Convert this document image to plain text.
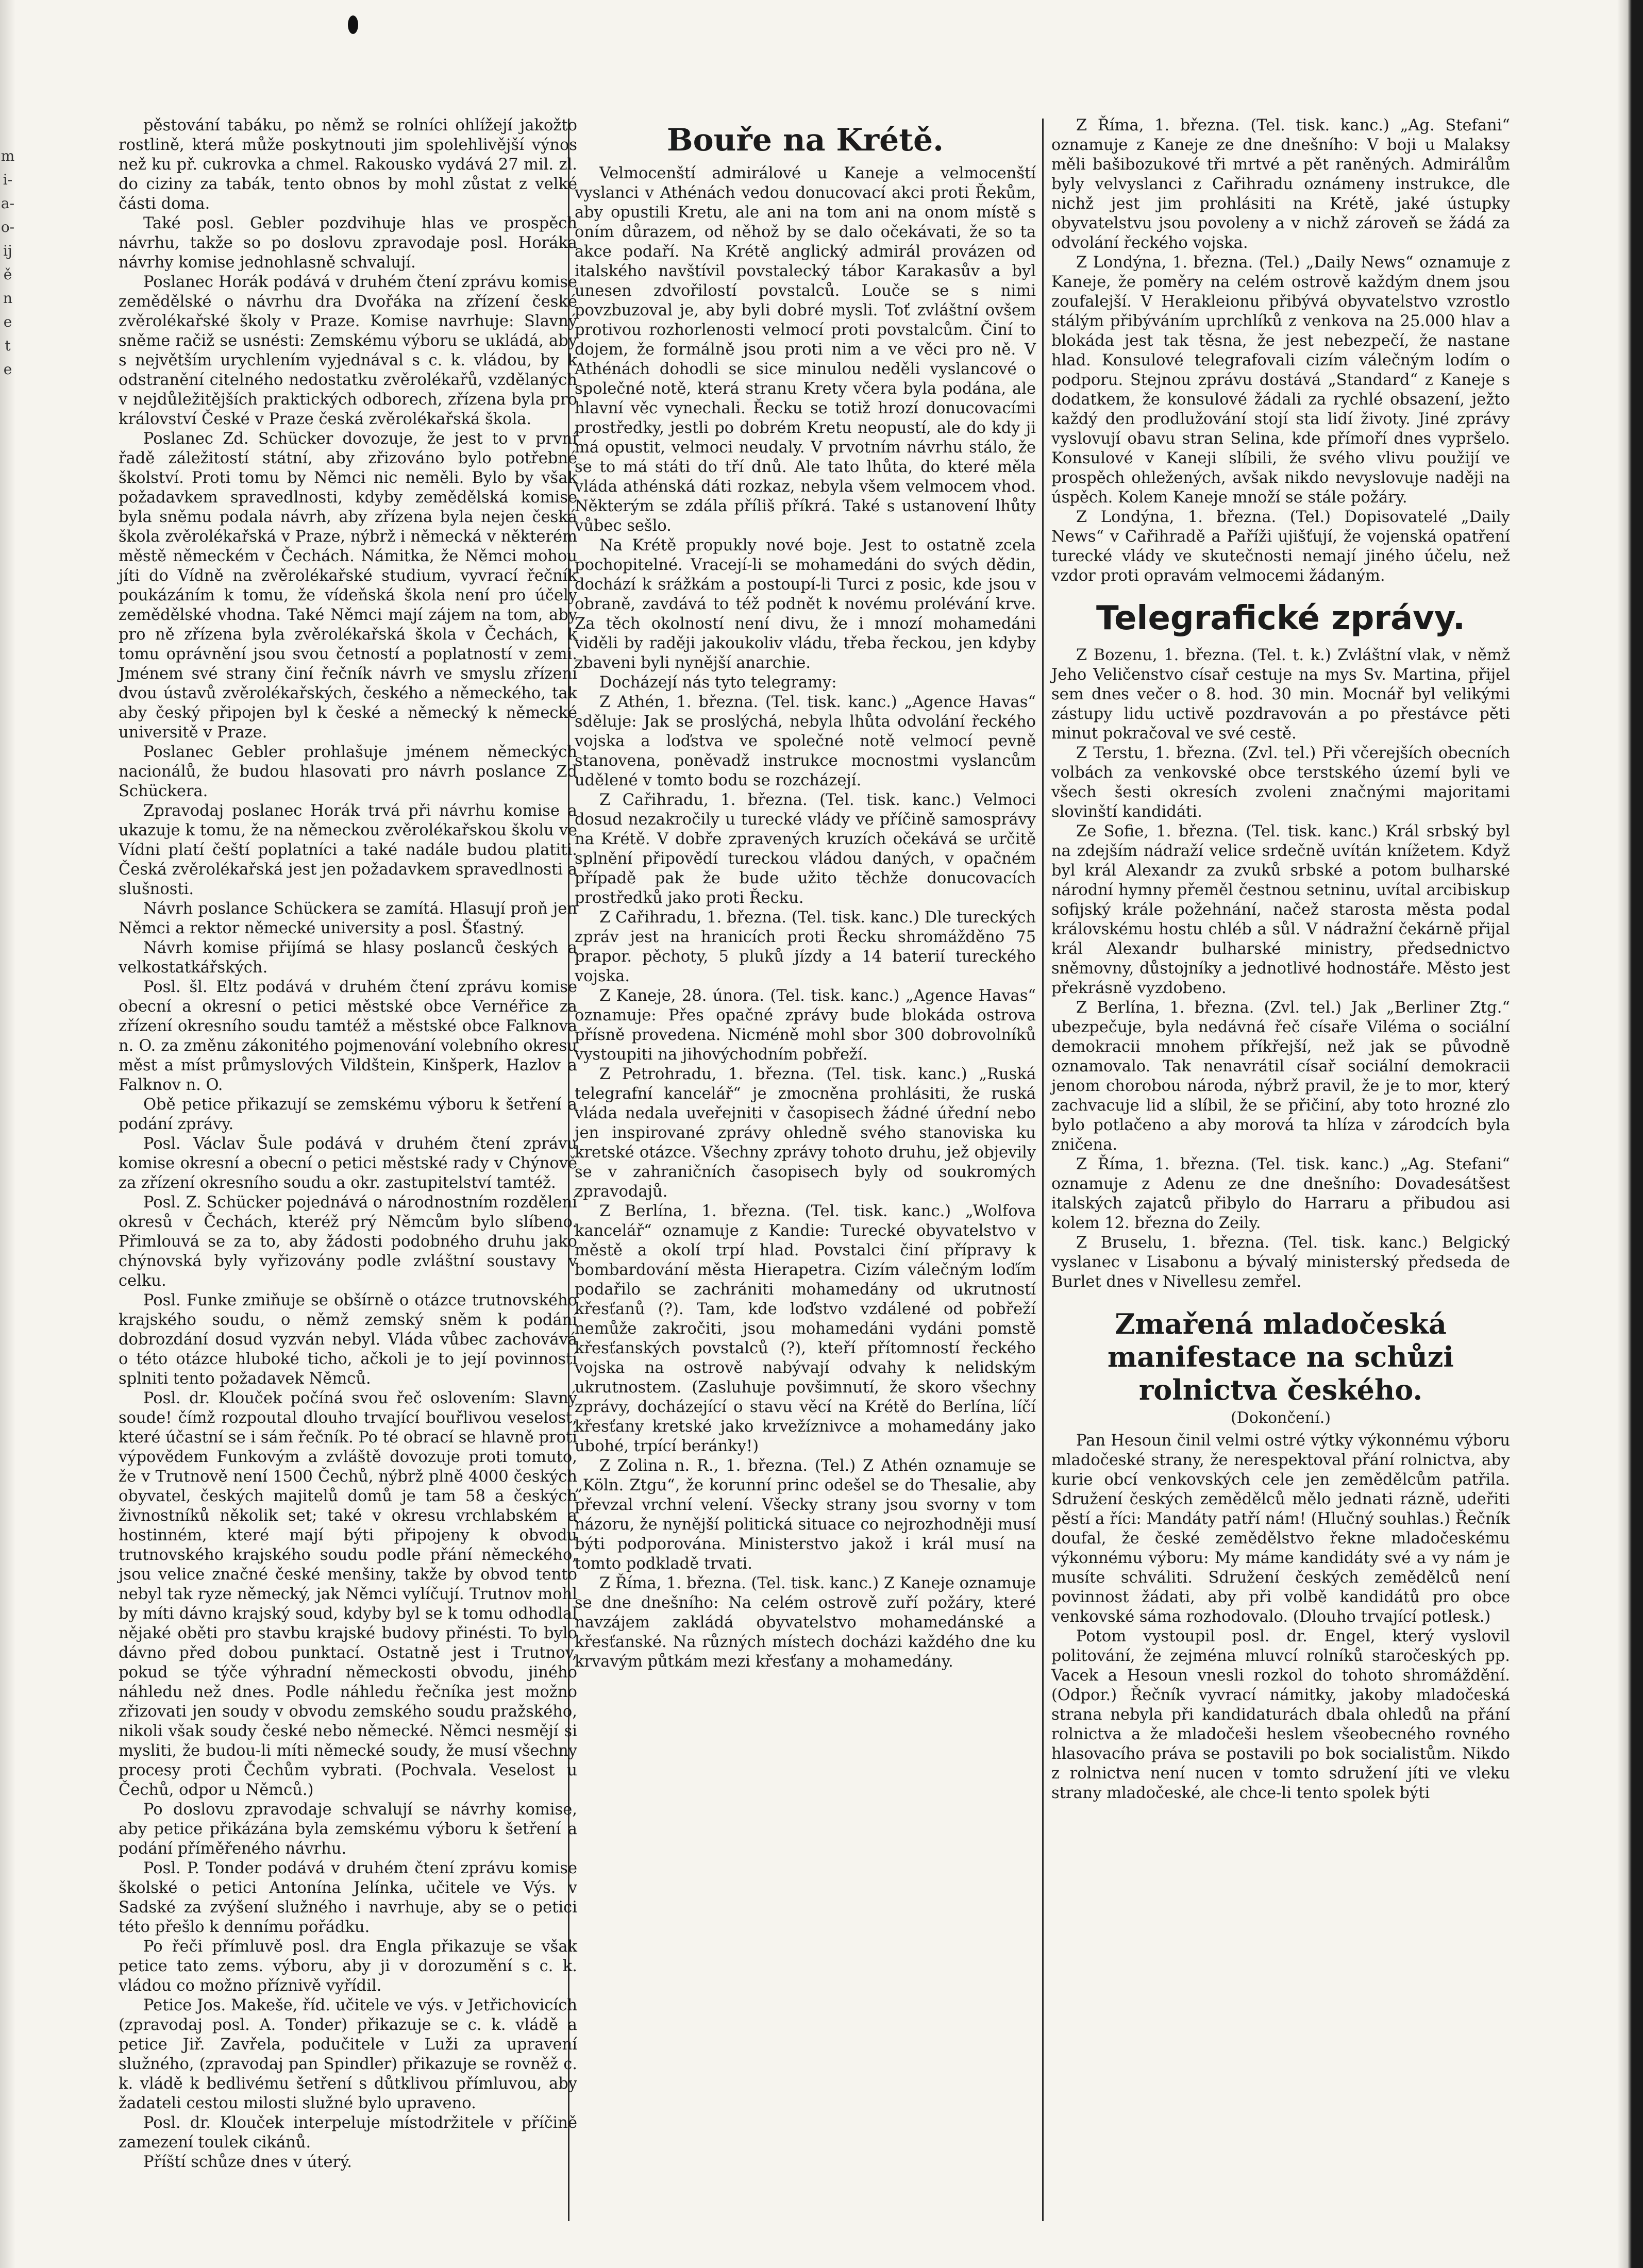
m
i-
a-
o-
ij
ě
n
e
t
e

pěstování tabáku, po němž se rolníci ohlížejí jakožto rostlině, která může poskytnouti jim spolehlivější výnos než ku př. cukrovka a chmel. Rakousko vydává 27 mil. zl. do ciziny za tabák, tento obnos by mohl zůstat z velké části doma.

Také posl. Gebler pozdvihuje hlas ve prospěch návrhu, takže so po doslovu zpravodaje posl. Horáka návrhy komise jednohlasně schvalují.

Poslanec Horák podává v druhém čtení zprávu komise zemědělské o návrhu dra Dvořáka na zřízení české zvěrolékařské školy v Praze. Komise navrhuje: Slavný sněme račiž se usnésti: Zemskému výboru se ukládá, aby s největším urychlením vyjednával s c. k. vládou, by k odstranění citelného nedostatku zvěrolékařů, vzdělaných v nejdůležitějších praktických odborech, zřízena byla pro království České v Praze česká zvěrolékařská škola.

Poslanec Zd. Schücker dovozuje, že jest to v první řadě záležitostí státní, aby zřizováno bylo potřebné školství. Proti tomu by Němci nic neměli. Bylo by však požadavkem spravedlnosti, kdyby zemědělská komise byla sněmu podala návrh, aby zřízena byla nejen česká škola zvěrolékařská v Praze, nýbrž i německá v některém městě německém v Čechách. Námitka, že Němci mohou jíti do Vídně na zvěrolékařské studium, vyvrací řečník poukázáním k tomu, že vídeňská škola není pro účely zemědělské vhodna. Také Němci mají zájem na tom, aby pro ně zřízena byla zvěrolékařská škola v Čechách, k tomu oprávnění jsou svou četností a poplatností v zemi. Jménem své strany činí řečník návrh ve smyslu zřízení dvou ústavů zvěrolékařských, českého a německého, tak aby český připojen byl k české a německý k německé universitě v Praze.

Poslanec Gebler prohlašuje jménem německých nacionálů, že budou hlasovati pro návrh poslance Zd Schückera.

Zpravodaj poslanec Horák trvá při návrhu komise a ukazuje k tomu, že na německou zvěrolékařskou školu ve Vídni platí čeští poplatníci a také nadále budou platiti. Česká zvěrolékařská jest jen požadavkem spravedlnosti a slušnosti.

Návrh poslance Schückera se zamítá. Hlasují proň jen Němci a rektor německé university a posl. Šťastný.

Návrh komise přijímá se hlasy poslanců českých a velkostatkářských.

Posl. šl. Eltz podává v druhém čtení zprávu komise obecní a okresní o petici městské obce Vernéřice za zřízení okresního soudu tamtéž a městské obce Falknova n. O. za změnu zákonitého pojmenování volebního okresu měst a míst průmyslových Vildštein, Kinšperk, Hazlov a Falknov n. O.

Obě petice přikazují se zemskému výboru k šetření a podání zprávy.

Posl. Václav Šule podává v druhém čtení zprávu komise okresní a obecní o petici městské rady v Chýnově za zřízení okresního soudu a okr. zastupitelství tamtéž.

Posl. Z. Schücker pojednává o národnostním rozdělení okresů v Čechách, kteréž prý Němcům bylo slíbeno. Přimlouvá se za to, aby žádosti podobného druhu jako chýnovská byly vyřizovány podle zvláštní soustavy v celku.

Posl. Funke zmiňuje se obšírně o otázce trutnovského krajského soudu, o němž zemský sněm k podání dobrozdání dosud vyzván nebyl. Vláda vůbec zachovává o této otázce hluboké ticho, ačkoli je to její povinností splniti tento požadavek Němců.

Posl. dr. Klouček počíná svou řeč oslovením: Slavný soude! čímž rozpoutal dlouho trvající bouřlivou veselost, které účastní se i sám řečník. Po té obrací se hlavně proti výpovědem Funkovým a zvláště dovozuje proti tomuto, že v Trutnově není 1500 Čechů, nýbrž plně 4000 českých obyvatel, českých majitelů domů je tam 58 a českých živnostníků několik set; také v okresu vrchlabském a hostinném, které mají býti připojeny k obvodu trutnovského krajského soudu podle přání německého, jsou velice značné české menšiny, takže by obvod tento nebyl tak ryze německý, jak Němci vylíčují. Trutnov mohl by míti dávno krajský soud, kdyby byl se k tomu odhodlal nějaké oběti pro stavbu krajské budovy přinésti. To bylo dávno před dobou punktací. Ostatně jest i Trutnov, pokud se týče výhradní německosti obvodu, jiného náhledu než dnes. Podle náhledu řečníka jest možno zřizovati jen soudy v obvodu zemského soudu pražského, nikoli však soudy české nebo německé. Němci nesmějí si mysliti, že budou-li míti německé soudy, že musí všechny procesy proti Čechům vybrati. (Pochvala. Veselost u Čechů, odpor u Němců.)

Po doslovu zpravodaje schvalují se návrhy komise, aby petice přikázána byla zemskému výboru k šetření a podání příměřeného návrhu.

Posl. P. Tonder podává v druhém čtení zprávu komise školské o petici Antonína Jelínka, učitele ve Výs. v Sadské za zvýšení služného i navrhuje, aby se o petici této přešlo k dennímu pořádku.

Po řeči přímluvě posl. dra Engla přikazuje se však petice tato zems. výboru, aby ji v dorozumění s c. k. vládou co možno příznivě vyřídil.

Petice Jos. Makeše, říd. učitele ve výs. v Jetřichovicích (zpravodaj posl. A. Tonder) přikazuje se c. k. vládě a petice Jiř. Zavřela, podučitele v Luži za upravení služného, (zpravodaj pan Spindler) přikazuje se rovněž c. k. vládě k bedlivému šetření s důtklivou přímluvou, aby žadateli cestou milosti služné bylo upraveno.

Posl. dr. Klouček interpeluje místodržitele v příčině zamezení toulek cikánů.

Příští schůze dnes v úterý.

Bouře na Krétě.

Velmocenští admirálové u Kaneje a velmocenští vyslanci v Athénách vedou donucovací akci proti Řekům, aby opustili Kretu, ale ani na tom ani na onom místě s oním důrazem, od něhož by se dalo očekávati, že so ta akce podaří. Na Krétě anglický admirál provázen od italského navštívil povstalecký tábor Karakasův a byl unesen zdvořilostí povstalců. Louče se s nimi povzbuzoval je, aby byli dobré mysli. Toť zvláštní ovšem protivou rozhorlenosti velmocí proti povstalcům. Činí to dojem, že formálně jsou proti nim a ve věci pro ně. V Athénách dohodli se sice minulou neděli vyslancové o společné notě, která stranu Krety včera byla podána, ale hlavní věc vynechali. Řecku se totiž hrozí donucovacími prostředky, jestli po dobrém Kretu neopustí, ale do kdy ji má opustit, velmoci neudaly. V prvotním návrhu stálo, že se to má státi do tří dnů. Ale tato lhůta, do které měla vláda athénská dáti rozkaz, nebyla všem velmocem vhod. Některým se zdála příliš příkrá. Také s ustanovení lhůty vůbec sešlo.

Na Krétě propukly nové boje. Jest to ostatně zcela pochopitelné. Vracejí-li se mohamedáni do svých dědin, dochází k srážkám a postoupí-li Turci z posic, kde jsou v obraně, zavdává to též podnět k novému prolévání krve. Za těch okolností není divu, že i mnozí mohamedáni viděli by raději jakoukoliv vládu, třeba řeckou, jen kdyby zbaveni byli nynější anarchie.

Docházejí nás tyto telegramy:

Z Athén, 1. března. (Tel. tisk. kanc.) „Agence Havas“ sděluje: Jak se proslýchá, nebyla lhůta odvolání řeckého vojska a loďstva ve společné notě velmocí pevně stanovena, poněvadž instrukce mocnostmi vyslancům udělené v tomto bodu se rozcházejí.

Z Cařihradu, 1. března. (Tel. tisk. kanc.) Velmoci dosud nezakročily u turecké vlády ve příčině samosprávy na Krétě. V dobře zpravených kruzích očekává se určitě splnění připovědí tureckou vládou daných, v opačném případě pak že bude užito těchže donucovacích prostředků jako proti Řecku.

Z Cařihradu, 1. března. (Tel. tisk. kanc.) Dle tureckých zpráv jest na hranicích proti Řecku shromážděno 75 prapor. pěchoty, 5 pluků jízdy a 14 baterií tureckého vojska.

Z Kaneje, 28. února. (Tel. tisk. kanc.) „Agence Havas“ oznamuje: Přes opačné zprávy bude blokáda ostrova přísně provedena. Nicméně mohl sbor 300 dobrovolníků vystoupiti na jihovýchodním pobřeží.

Z Petrohradu, 1. března. (Tel. tisk. kanc.) „Ruská telegrafní kancelář“ je zmocněna prohlásiti, že ruská vláda nedala uveřejniti v časopisech žádné úřední nebo jen inspirované zprávy ohledně svého stanoviska ku kretské otázce. Všechny zprávy tohoto druhu, jež objevily se v zahraničních časopisech byly od soukromých zpravodajů.

Z Berlína, 1. března. (Tel. tisk. kanc.) „Wolfova kancelář“ oznamuje z Kandie: Turecké obyvatelstvo v městě a okolí trpí hlad. Povstalci činí přípravy k bombardování města Hierapetra. Cizím válečným loďím podařilo se zachrániti mohamedány od ukrutností křesťanů (?). Tam, kde loďstvo vzdálené od pobřeží nemůže zakročiti, jsou mohamedáni vydáni pomstě křesťanských povstalců (?), kteří přítomností řeckého vojska na ostrově nabývají odvahy k nelidským ukrutnostem. (Zasluhuje povšimnutí, že skoro všechny zprávy, docházející o stavu věcí na Krétě do Berlína, líčí křesťany kretské jako krvežíznivce a mohamedány jako ubohé, trpící beránky!)

Z Zolina n. R., 1. března. (Tel.) Z Athén oznamuje se „Köln. Ztgu“, že korunní princ odešel se do Thesalie, aby převzal vrchní velení. Všecky strany jsou svorny v tom názoru, že nynější politická situace co nejrozhodněji musí býti podporována. Ministerstvo jakož i král musí na tomto podkladě trvati.

Z Říma, 1. března. (Tel. tisk. kanc.) Z Kaneje oznamuje se dne dnešního: Na celém ostrově zuří požáry, které navzájem zakládá obyvatelstvo mohamedánské a křesťanské. Na různých místech docházi každého dne ku krvavým půtkám mezi křesťany a mohamedány.

Z Říma, 1. března. (Tel. tisk. kanc.) „Ag. Stefani“ oznamuje z Kaneje ze dne dnešního: V boji u Malaksy měli bašibozukové tři mrtvé a pět raněných. Admirálům byly velvyslanci z Cařihradu oznámeny instrukce, dle nichž jest jim prohlásiti na Krétě, jaké ústupky obyvatelstvu jsou povoleny a v nichž zároveň se žádá za odvolání řeckého vojska.

Z Londýna, 1. března. (Tel.) „Daily News“ oznamuje z Kaneje, že poměry na celém ostrově každým dnem jsou zoufalejší. V Herakleionu přibývá obyvatelstvo vzrostlo stálým přibýváním uprchlíků z venkova na 25.000 hlav a blokáda jest tak těsna, že jest nebezpečí, že nastane hlad. Konsulové telegrafovali cizím válečným lodím o podporu. Stejnou zprávu dostává „Standard“ z Kaneje s dodatkem, že konsulové žádali za rychlé obsazení, ježto každý den prodlužování stojí sta lidí životy. Jiné zprávy vyslovují obavu stran Selina, kde přímoří dnes vypršelo. Konsulové v Kaneji slíbili, že svého vlivu použijí ve prospěch ohležených, avšak nikdo nevyslovuje naději na úspěch. Kolem Kaneje množí se stále požáry.

Z Londýna, 1. března. (Tel.) Dopisovatelé „Daily News“ v Cařihradě a Paříži ujišťují, že vojenská opatření turecké vlády ve skutečnosti nemají jiného účelu, než vzdor proti opravám velmocemi žádaným.

Telegrafické zprávy.

Z Bozenu, 1. března. (Tel. t. k.) Zvláštní vlak, v němž Jeho Veličenstvo císař cestuje na mys Sv. Martina, přijel sem dnes večer o 8. hod. 30 min. Mocnář byl velikými zástupy lidu uctivě pozdravován a po přestávce pěti minut pokračoval ve své cestě.

Z Terstu, 1. března. (Zvl. tel.) Při včerejších obecních volbách za venkovské obce terstského území byli ve všech šesti okresích zvoleni značnými majoritami slovinští kandidáti.

Ze Sofie, 1. března. (Tel. tisk. kanc.) Král srbský byl na zdejším nádraží velice srdečně uvítán knížetem. Když byl král Alexandr za zvuků srbské a potom bulharské národní hymny přeměl čestnou setninu, uvítal arcibiskup sofijský krále požehnání, načež starosta města podal královskému hostu chléb a sůl. V nádražní čekárně přijal král Alexandr bulharské ministry, předsednictvo sněmovny, důstojníky a jednotlivé hodnostáře. Město jest překrásně vyzdobeno.

Z Berlína, 1. března. (Zvl. tel.) Jak „Berliner Ztg.“ ubezpečuje, byla nedávná řeč císaře Viléma o sociální demokracii mnohem příkřejší, než jak se původně oznamovalo. Tak nenavrátil císař sociální demokracii jenom chorobou národa, nýbrž pravil, že je to mor, který zachvacuje lid a slíbil, že se přičiní, aby toto hrozné zlo bylo potlačeno a aby morová ta hlíza v zárodcích byla zničena.

Z Říma, 1. března. (Tel. tisk. kanc.) „Ag. Stefani“ oznamuje z Adenu ze dne dnešního: Dovadesátšest italských zajatců přibylo do Harraru a přibudou asi kolem 12. března do Zeily.

Z Bruselu, 1. března. (Tel. tisk. kanc.) Belgický vyslanec v Lisabonu a bývalý ministerský předseda de Burlet dnes v Nivellesu zemřel.

Zmařená mladočeská manifestace na schůzi rolnictva českého.

(Dokončení.)

Pan Hesoun činil velmi ostré výtky výkonnému výboru mladočeské strany, že nerespektoval přání rolnictva, aby kurie obcí venkovských cele jen zemědělcům patřila. Sdružení českých zemědělců mělo jednati rázně, udeřiti pěstí a říci: Mandáty patří nám! (Hlučný souhlas.) Řečník doufal, že české zemědělstvo řekne mladočeskému výkonnému výboru: My máme kandidáty své a vy nám je musíte schváliti. Sdružení českých zemědělců není povinnost žádati, aby při volbě kandidátů pro obce venkovské sáma rozhodovalo. (Dlouho trvající potlesk.)

Potom vystoupil posl. dr. Engel, který vyslovil politování, že zejména mluvcí rolníků staročeských pp. Vacek a Hesoun vnesli rozkol do tohoto shromáždění. (Odpor.) Řečník vyvrací námitky, jakoby mladočeská strana nebyla při kandidaturách dbala ohledů na přání rolnictva a že mladočeši heslem všeobecného rovného hlasovacího práva se postavili po bok socialistům. Nikdo z rolnictva není nucen v tomto sdružení jíti ve vleku strany mladočeské, ale chce-li tento spolek býti
